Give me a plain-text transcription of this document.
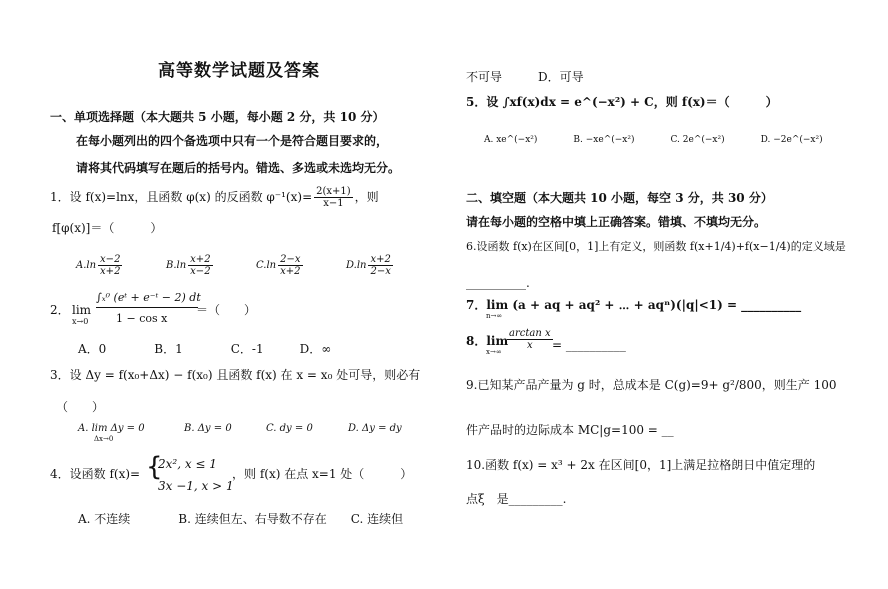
高等数学试题及答案
一、单项选择题（本大题共 5 小题，每小题 2 分，共 10 分）
在每小题列出的四个备选项中只有一个是符合题目要求的，
请将其代码填写在题后的括号内。错选、多选或未选均无分。
1．设 f(x)=lnx，且函数 φ(x) 的反函数 $\varphi^{-1}(x)= \frac{2(x+1)}{x-1}$ ，则
f[φ(x)]＝（　　　）
$A.\ln \frac{x-2}{x+2}$	$B.\ln \frac{x+2}{x-2}$	$C.\ln \frac{2-x}{x+2}$	$D.\ln \frac{x+2}{2-x}$
2． lim
x→0
∫ₓ⁰ (eᵗ + e⁻ᵗ − 2) dt
1 − cos x
＝（　　）
A．0　　　　B．1　　　　C．-1　　　D．∞
3．设 Δy = f(x₀+Δx) − f(x₀) 且函数 f(x) 在 x = x₀ 处可导，则必有
（　　）
A. lim Δy = 0
Δx→0
B. Δy = 0	C. dy = 0	D. Δy = dy
4．设函数 f(x)= {
2x², x ≤ 1
3x −1, x > 1
，则 f(x) 在点 x=1 处（　　　）
A. 不连续　　　　B. 连续但左、右导数不存在　　C. 连续但
不可导　　　D．可导
5．设 ∫xf(x)dx = e^(−x²) + C，则 f(x)＝（　　　）
A. xe^(−x²)　　　　B. −xe^(−x²)　　　　C. 2e^(−x²)　　　　D. −2e^(−x²)
二、填空题（本大题共 10 小题，每空 3 分，共 30 分）
请在每小题的空格中填上正确答案。错填、不填均无分。
6.设函数 f(x)在区间[0，1]上有定义，则函数 f(x+1/4)+f(x−1/4)的定义域是
__________.
7．lim (a + aq + aq² + ⋯ + aqⁿ)(|q|<1) = __________
n→∞
8．lim
x→∞
$\frac{\text{arctan x}}{x}$ = __________
9.已知某产品产量为 g 时，总成本是 C(g)=9+ g²/800，则生产 100
件产品时的边际成本 MC|g=100 = __
10.函数 f(x) = x³ + 2x 在区间[0，1]上满足拉格朗日中值定理的
点ξ　是_________.
